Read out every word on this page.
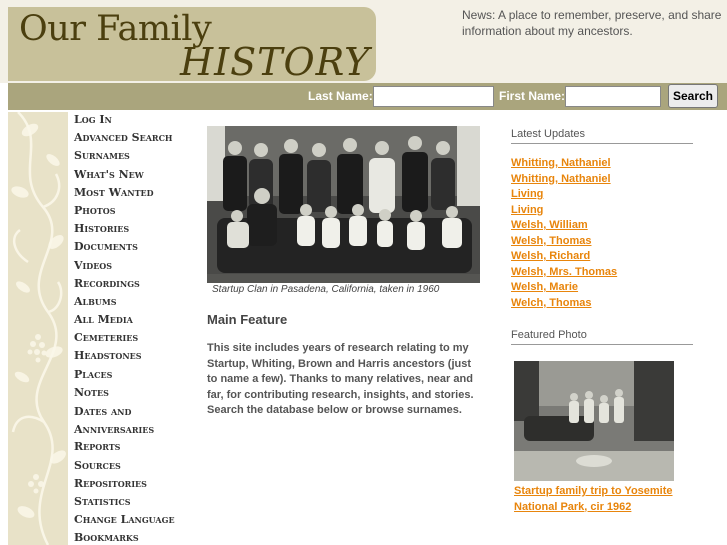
Our Family
HISTORY
News: A place to remember, preserve, and share information about my ancestors.
Last Name:	First Name:	Search
Log In
Advanced Search
Surnames
What's New
Most Wanted
Photos
Histories
Documents
Videos
Recordings
Albums
All Media
Cemeteries
Headstones
Places
Notes
Dates and Anniversaries
Reports
Sources
Repositories
Statistics
Change Language
Bookmarks
Startup Clan in Pasadena, California, taken in 1960
Main Feature
This site includes years of research relating to my Startup, Whiting, Brown and Harris ancestors (just to name a few). Thanks to many relatives, near and far, for contributing research, insights, and stories. Search the database below or browse surnames.
Latest Updates
Whitting, Nathaniel
Whitting, Nathaniel
Living
Living
Welsh, William
Welsh, Thomas
Welsh, Richard
Welsh, Mrs. Thomas
Welsh, Marie
Welch, Thomas
Featured Photo
Startup family trip to Yosemite National Park, cir 1962
